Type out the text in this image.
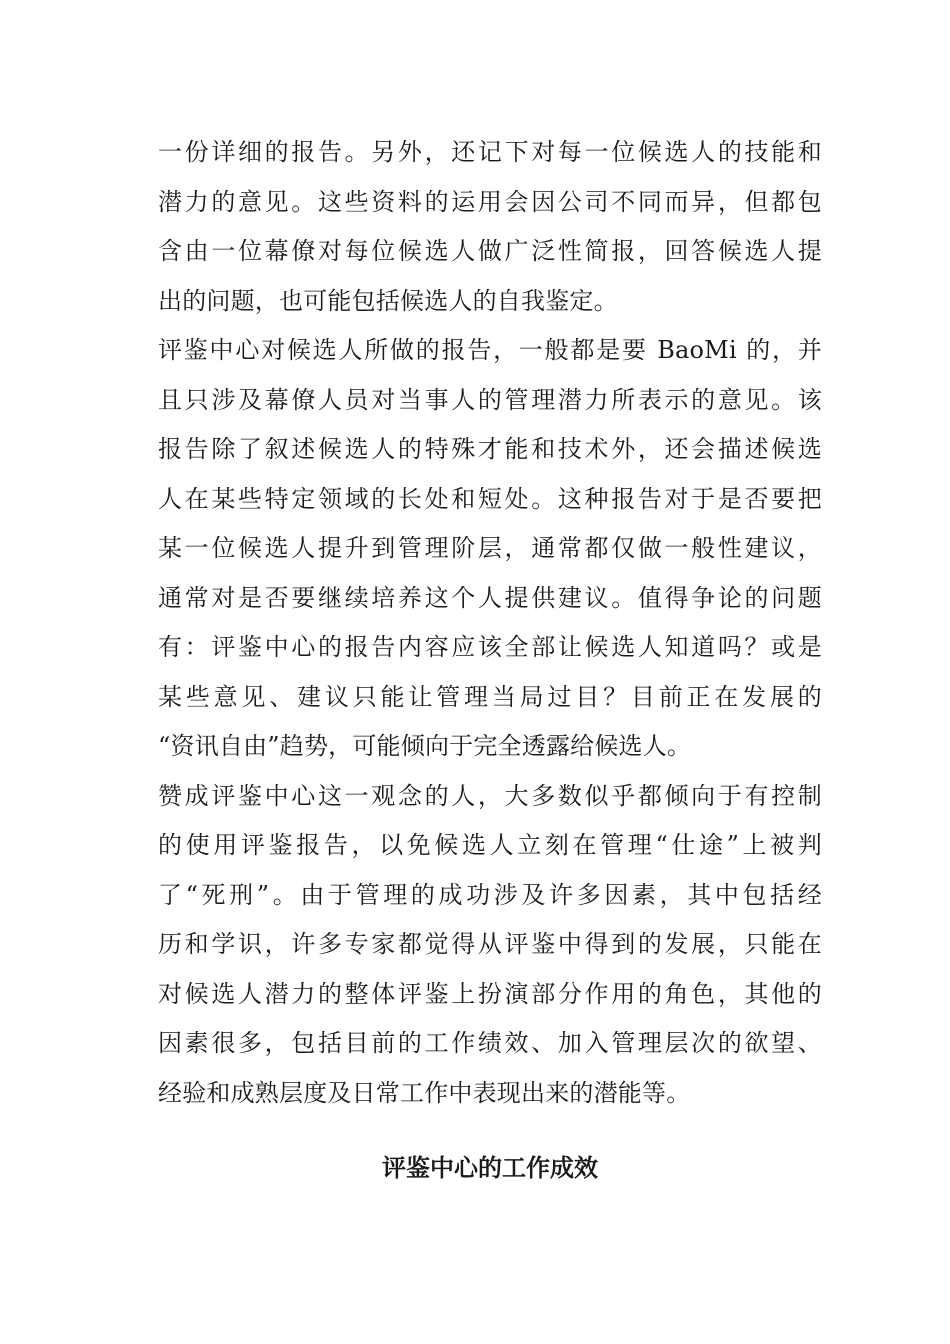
一份详细的报告。另外，还记下对每一位候选人的技能和
潜力的意见。这些资料的运用会因公司不同而异，但都包
含由一位幕僚对每位候选人做广泛性简报，回答候选人提
出的问题，也可能包括候选人的自我鉴定。
评鉴中心对候选人所做的报告，一般都是要 BaoMi 的，并
且只涉及幕僚人员对当事人的管理潜力所表示的意见。该
报告除了叙述候选人的特殊才能和技术外，还会描述候选
人在某些特定领域的长处和短处。这种报告对于是否要把
某一位候选人提升到管理阶层，通常都仅做一般性建议，
通常对是否要继续培养这个人提供建议。值得争论的问题
有：评鉴中心的报告内容应该全部让候选人知道吗？或是
某些意见、建议只能让管理当局过目？目前正在发展的
“资讯自由”趋势，可能倾向于完全透露给候选人。
赞成评鉴中心这一观念的人，大多数似乎都倾向于有控制
的使用评鉴报告，以免候选人立刻在管理“仕途”上被判
了“死刑”。由于管理的成功涉及许多因素，其中包括经
历和学识，许多专家都觉得从评鉴中得到的发展，只能在
对候选人潜力的整体评鉴上扮演部分作用的角色，其他的
因素很多，包括目前的工作绩效、加入管理层次的欲望、
经验和成熟层度及日常工作中表现出来的潜能等。
评鉴中心的工作成效
